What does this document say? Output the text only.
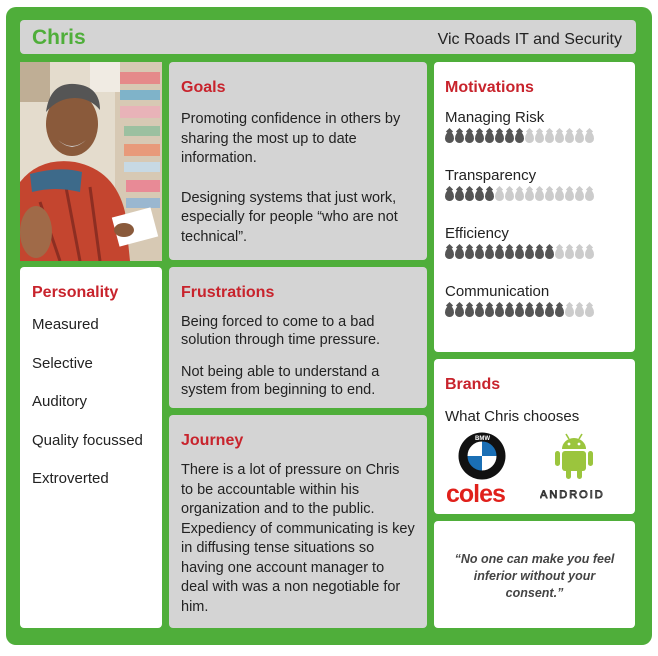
Chris	Vic Roads IT and Security
Personality
Measured
Selective
Auditory
Quality focussed
Extroverted
Goals

Promoting confidence in others by sharing the most up to date information.

Designing systems that just work, especially for people “who are not technical”.

Frustrations

Being forced to come to a bad solution through time pressure.

Not being able to understand a system from beginning to end.

Journey

There is a lot of pressure on Chris to be accountable within his organization and to the public. Expediency of communicating is key in diffusing tense situations so having one account manager to deal with was a non negotiable for him.

Motivations
Managing Risk
Transparency
Efficiency
Communication
Brands
What Chris chooses
BMW
coles	ANDROID
“No one can make you feel inferior without your consent.”
